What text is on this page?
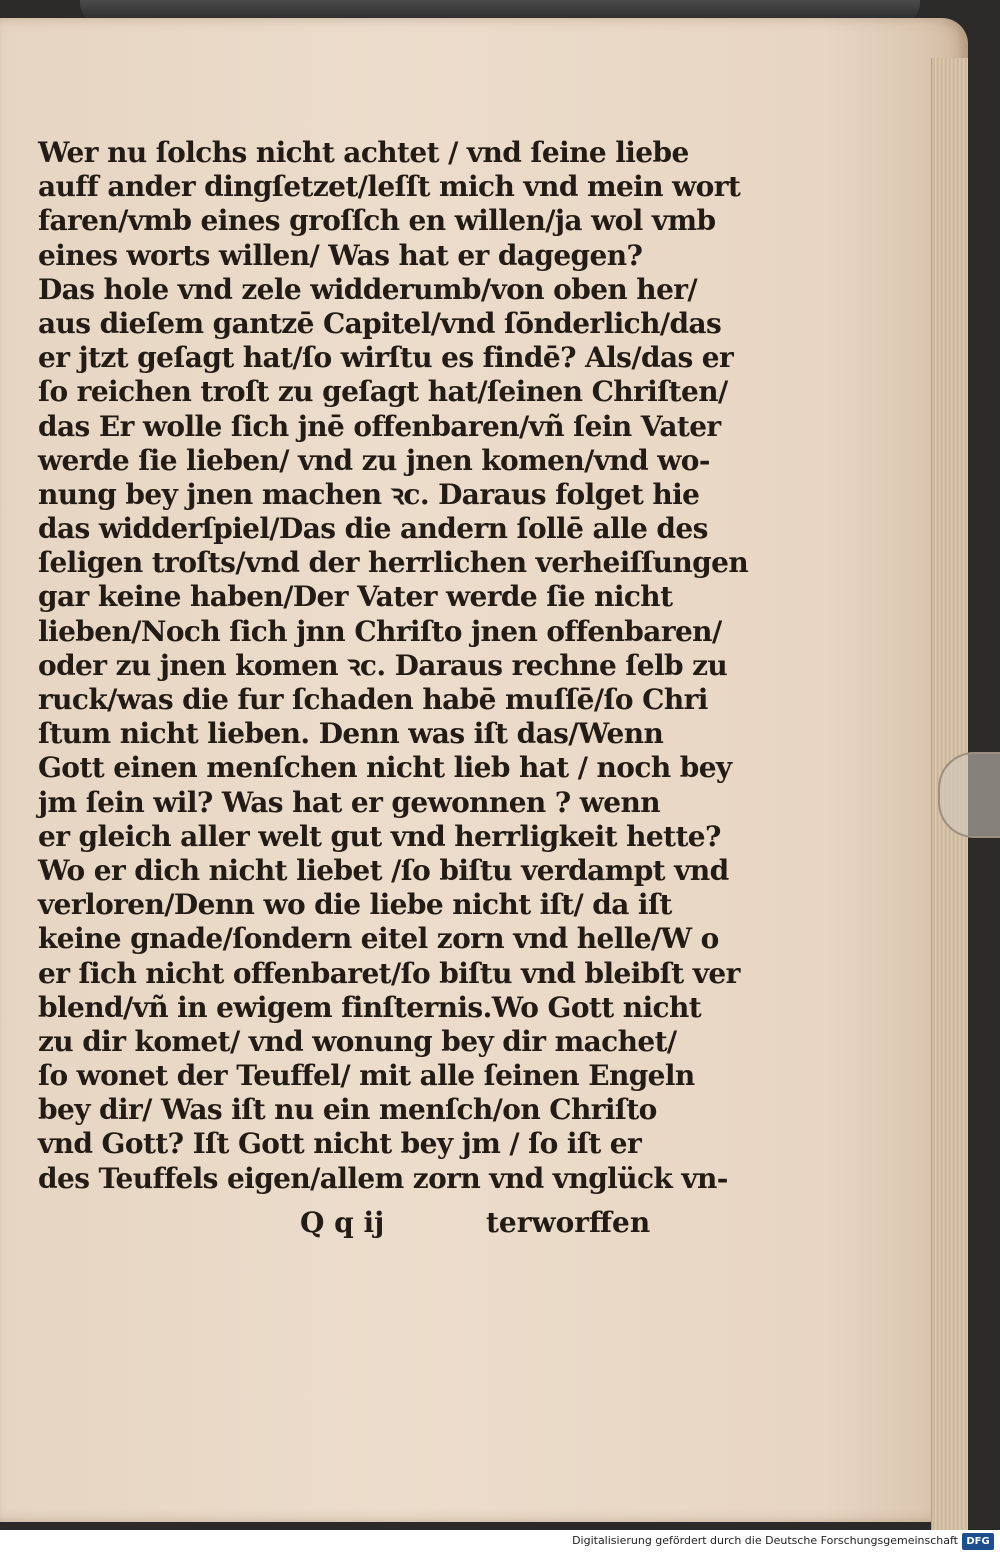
Wer nu ſolchs nicht achtet / vnd ſeine liebe
auff ander dingſetzet/leſſt mich vnd mein wort
faren/vmb eines groſſch en willen/ja wol vmb
eines worts willen/ Was hat er dagegen?
Das hole vnd zele widderumb/von oben her/
aus dieſem gantzē Capitel/vnd ſōnderlich/das
er jtzt geſagt hat/ſo wirſtu es findē? Als/das er
ſo reichen troſt zu geſagt hat/ſeinen Chriſten/
das Er wolle ſich jnē offenbaren/vñ ſein Vater
werde ſie lieben/ vnd zu jnen komen/vnd wo-
nung bey jnen machen ꝛc. Daraus folget hie
das widderſpiel/Das die andern ſollē alle des
ſeligen troſts/vnd der herrlichen verheiſſungen
gar keine haben/Der Vater werde ſie nicht
lieben/Noch ſich jnn Chriſto jnen offenbaren/
oder zu jnen komen ꝛc. Daraus rechne ſelb zu
ruck/was die fur ſchaden habē muſſē/ſo Chri
ſtum nicht lieben. Denn was iſt das/Wenn
Gott einen menſchen nicht lieb hat / noch bey
jm ſein wil? Was hat er gewonnen ? wenn
er gleich aller welt gut vnd herrligkeit hette?
Wo er dich nicht liebet /ſo biſtu verdampt vnd
verloren/Denn wo die liebe nicht iſt/ da iſt
keine gnade/ſondern eitel zorn vnd helle/W o
er ſich nicht offenbaret/ſo biſtu vnd bleibſt ver
blend/vñ in ewigem finſternis.Wo Gott nicht
zu dir komet/ vnd wonung bey dir machet/
ſo wonet der Teuffel/ mit alle ſeinen Engeln
bey dir/ Was iſt nu ein menſch/on Chriſto
vnd Gott? Iſt Gott nicht bey jm / ſo iſt er
des Teuffels eigen/allem zorn vnd vnglück vn-
Q q ij	terworffen
Digitalisierung gefördert durch die Deutsche Forschungsgemeinschaft DFG
